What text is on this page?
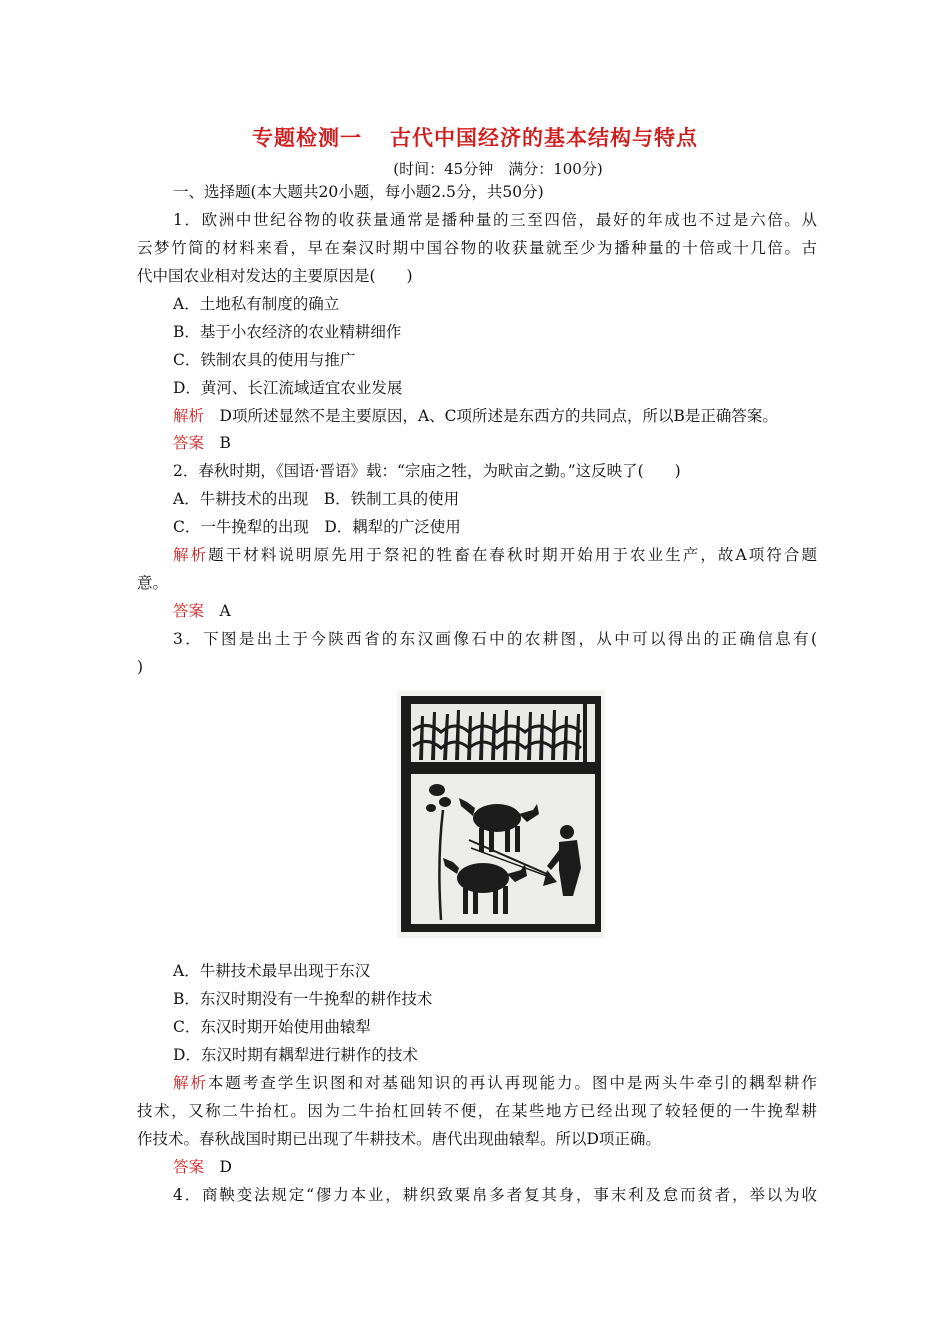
专题检测一 古代中国经济的基本结构与特点
(时间：45分钟　满分：100分)
一、选择题(本大题共20小题，每小题2.5分，共50分)
1．欧洲中世纪谷物的收获量通常是播种量的三至四倍，最好的年成也不过是六倍。从
云梦竹简的材料来看，早在秦汉时期中国谷物的收获量就至少为播种量的十倍或十几倍。古
代中国农业相对发达的主要原因是(　　)
A．土地私有制度的确立
B．基于小农经济的农业精耕细作
C．铁制农具的使用与推广
D．黄河、长江流域适宜农业发展
解析　 D项所述显然不是主要原因，A、C项所述是东西方的共同点，所以B是正确答案。
答案　 B
2．春秋时期，《国语·晋语》载：“宗庙之牲，为畎亩之勤。”这反映了(　　)
A．牛耕技术的出现　B．铁制工具的使用
C．一牛挽犁的出现　D．耦犁的广泛使用
解析题干材料说明原先用于祭祀的牲畜在春秋时期开始用于农业生产，故A项符合题
意。
答案　 A
3．下图是出土于今陕西省的东汉画像石中的农耕图，从中可以得出的正确信息有(
)
A．牛耕技术最早出现于东汉
B．东汉时期没有一牛挽犁的耕作技术
C．东汉时期开始使用曲辕犁
D．东汉时期有耦犁进行耕作的技术
解析本题考查学生识图和对基础知识的再认再现能力。图中是两头牛牵引的耦犁耕作
技术，又称二牛抬杠。因为二牛抬杠回转不便，在某些地方已经出现了较轻便的一牛挽犁耕
作技术。春秋战国时期已出现了牛耕技术。唐代出现曲辕犁。所以D项正确。
答案　 D
4．商鞅变法规定“僇力本业，耕织致粟帛多者复其身，事末利及怠而贫者，举以为收
